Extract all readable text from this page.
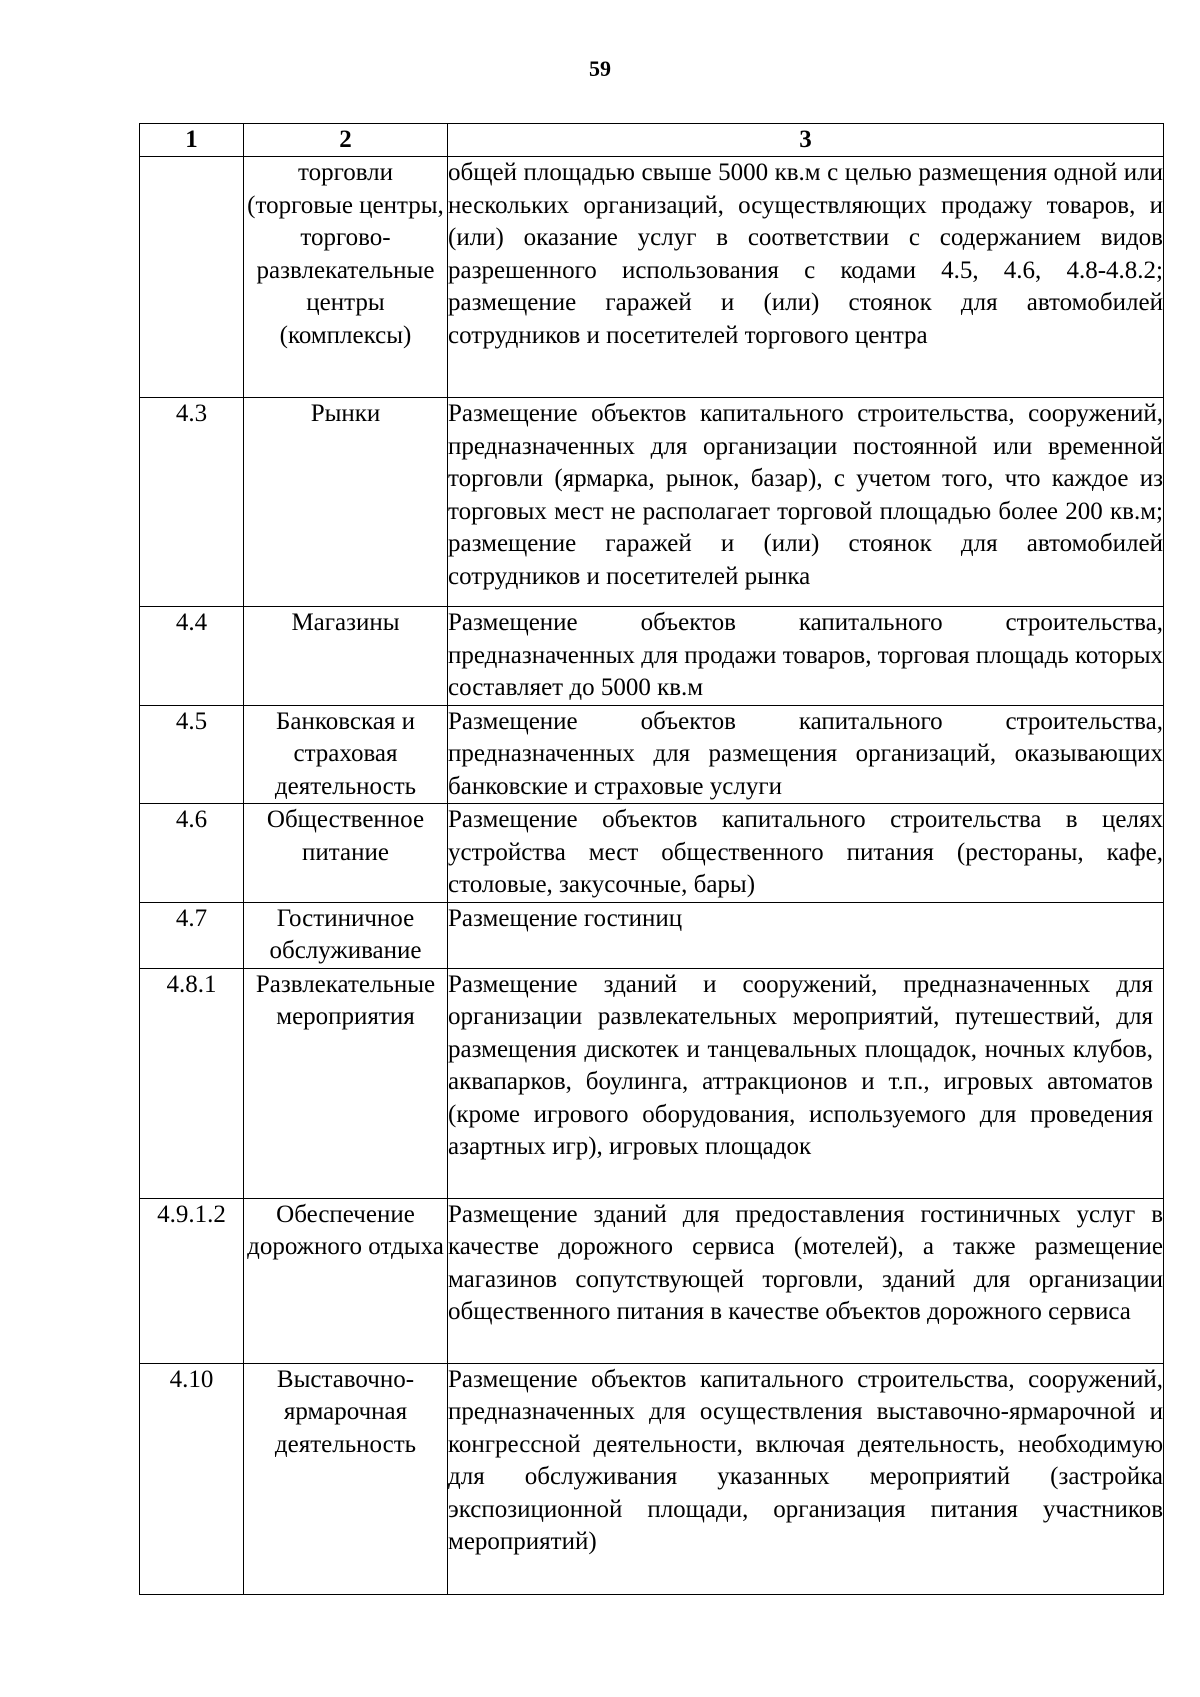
59
1	2	3
	торговли (торговые центры, торгово-развлекательные центры (комплексы)	общей площадью свыше 5000 кв.м с целью размещения одной или нескольких организаций, осуществляющих продажу товаров, и (или) оказание услуг в соответствии с содержанием видов разрешенного использования с кодами 4.5, 4.6, 4.8-4.8.2; размещение гаражей и (или) стоянок для автомобилей сотрудников и посетителей торгового центра
4.3	Рынки	Размещение объектов капитального строительства, сооружений, предназначенных для организации постоянной или временной торговли (ярмарка, рынок, базар), с учетом того, что каждое из торговых мест не располагает торговой площадью более 200 кв.м; размещение гаражей и (или) стоянок для автомобилей сотрудников и посетителей рынка
4.4	Магазины	Размещение объектов капитального строительства, предназначенных для продажи товаров, торговая площадь которых составляет до 5000 кв.м
4.5	Банковская и страховая деятельность	Размещение объектов капитального строительства, предназначенных для размещения организаций, оказывающих банковские и страховые услуги
4.6	Общественное питание	Размещение объектов капитального строительства в целях устройства мест общественного питания (рестораны, кафе, столовые, закусочные, бары)
4.7	Гостиничное обслуживание	Размещение гостиниц
4.8.1	Развлекательные мероприятия	Размещение зданий и сооружений, предназначенных для организации развлекательных мероприятий, путешествий, для размещения дискотек и танцевальных площадок, ночных клубов, аквапарков, боулинга, аттракционов и т.п., игровых автоматов (кроме игрового оборудования, используемого для проведения азартных игр), игровых площадок
4.9.1.2	Обеспечение дорожного отдыха	Размещение зданий для предоставления гостиничных услуг в качестве дорожного сервиса (мотелей), а также размещение магазинов сопутствующей торговли, зданий для организации общественного питания в качестве объектов дорожного сервиса
4.10	Выставочно-ярмарочная деятельность	Размещение объектов капитального строительства, сооружений, предназначенных для осуществления выставочно-ярмарочной и конгрессной деятельности, включая деятельность, необходимую для обслуживания указанных мероприятий (застройка экспозиционной площади, организация питания участников мероприятий)
